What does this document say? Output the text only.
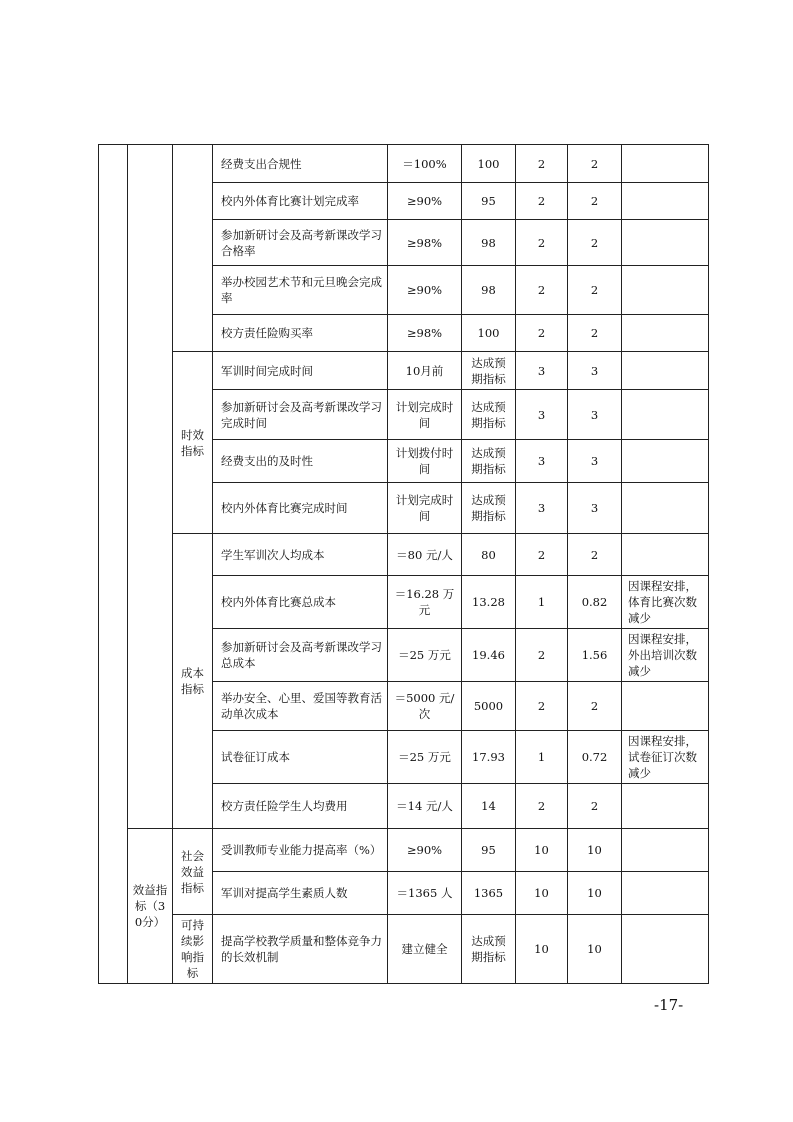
			经费支出合规性	＝100%	100	2	2	
			校内外体育比赛计划完成率	≥90%	95	2	2	
			参加新研讨会及高考新课改学习合格率	≥98%	98	2	2	
			举办校园艺术节和元旦晚会完成率	≥90%	98	2	2	
			校方责任险购买率	≥98%	100	2	2	
		时效指标	军训时间完成时间	10月前	达成预期指标	3	3	
			参加新研讨会及高考新课改学习完成时间	计划完成时间	达成预期指标	3	3	
			经费支出的及时性	计划拨付时间	达成预期指标	3	3	
			校内外体育比赛完成时间	计划完成时间	达成预期指标	3	3	
		成本指标	学生军训次人均成本	＝80 元/人	80	2	2	
			校内外体育比赛总成本	＝16.28 万元	13.28	1	0.82	因课程安排，体育比赛次数减少
			参加新研讨会及高考新课改学习总成本	＝25 万元	19.46	2	1.56	因课程安排，外出培训次数减少
			举办安全、心里、爱国等教育活动单次成本	＝5000 元/次	5000	2	2	
			试卷征订成本	＝25 万元	17.93	1	0.72	因课程安排，试卷征订次数减少
			校方责任险学生人均费用	＝14 元/人	14	2	2	
	效益指标（30分）	社会效益指标	受训教师专业能力提高率（%）	≥90%	95	10	10	
			军训对提高学生素质人数	＝1365 人	1365	10	10	
		可持续影响指标	提高学校教学质量和整体竞争力的长效机制	建立健全	达成预期指标	10	10	
-17-
